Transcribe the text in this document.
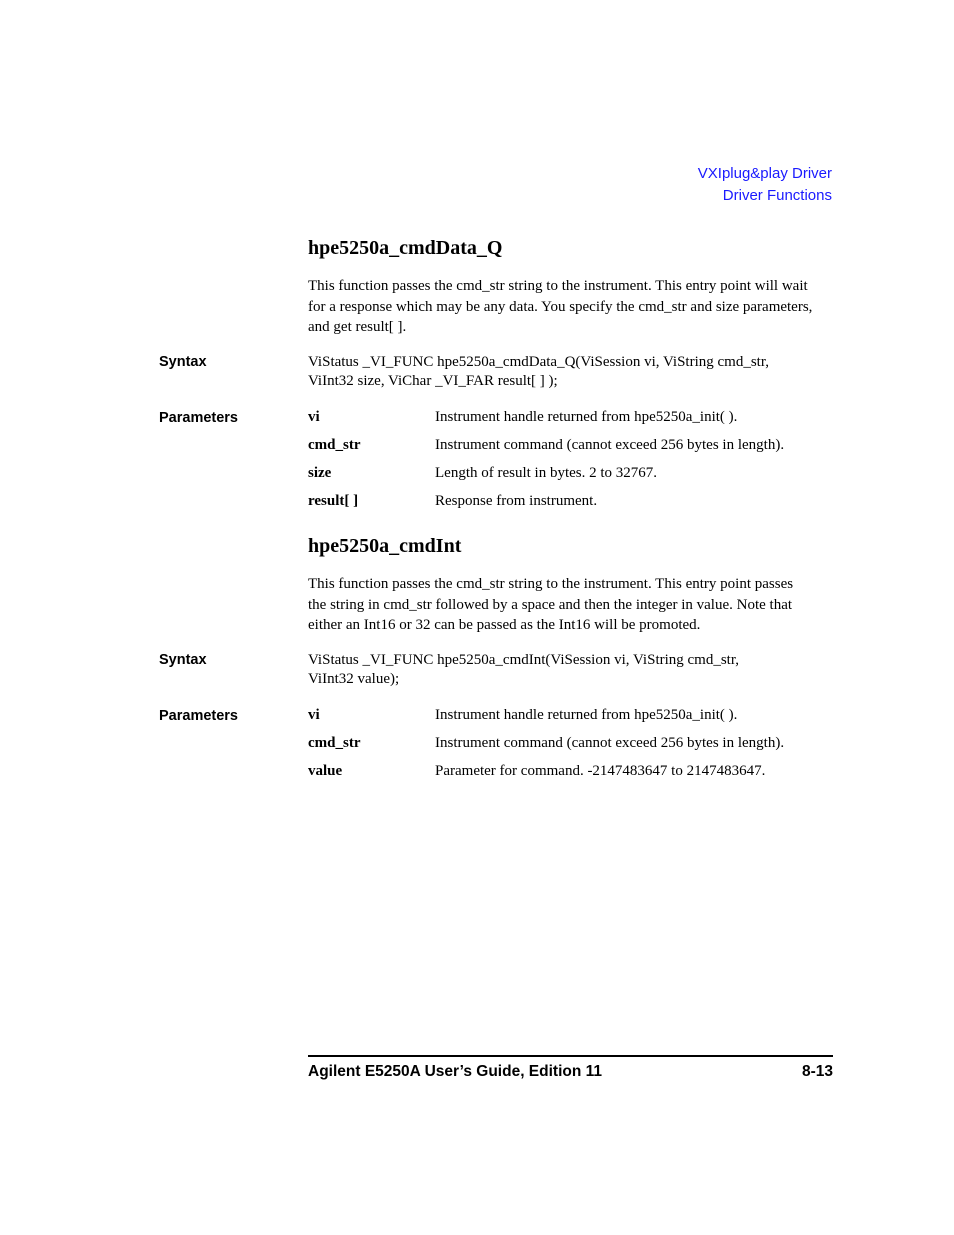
VXIplug&play Driver
Driver Functions
hpe5250a_cmdData_Q
This function passes the cmd_str string to the instrument. This entry point will wait
for a response which may be any data. You specify the cmd_str and size parameters,
and get result[ ].
Syntax	ViStatus _VI_FUNC hpe5250a_cmdData_Q(ViSession vi, ViString cmd_str,
ViInt32 size, ViChar _VI_FAR result[ ] );
Parameters	vi	Instrument handle returned from hpe5250a_init( ).
cmd_str	Instrument command (cannot exceed 256 bytes in length).
size	Length of result in bytes. 2 to 32767.
result[ ]	Response from instrument.
hpe5250a_cmdInt
This function passes the cmd_str string to the instrument. This entry point passes
the string in cmd_str followed by a space and then the integer in value. Note that
either an Int16 or 32 can be passed as the Int16 will be promoted.
Syntax	ViStatus _VI_FUNC hpe5250a_cmdInt(ViSession vi, ViString cmd_str,
ViInt32 value);
Parameters	vi	Instrument handle returned from hpe5250a_init( ).
cmd_str	Instrument command (cannot exceed 256 bytes in length).
value	Parameter for command. -2147483647 to 2147483647.
Agilent E5250A User’s Guide, Edition 11	8-13
